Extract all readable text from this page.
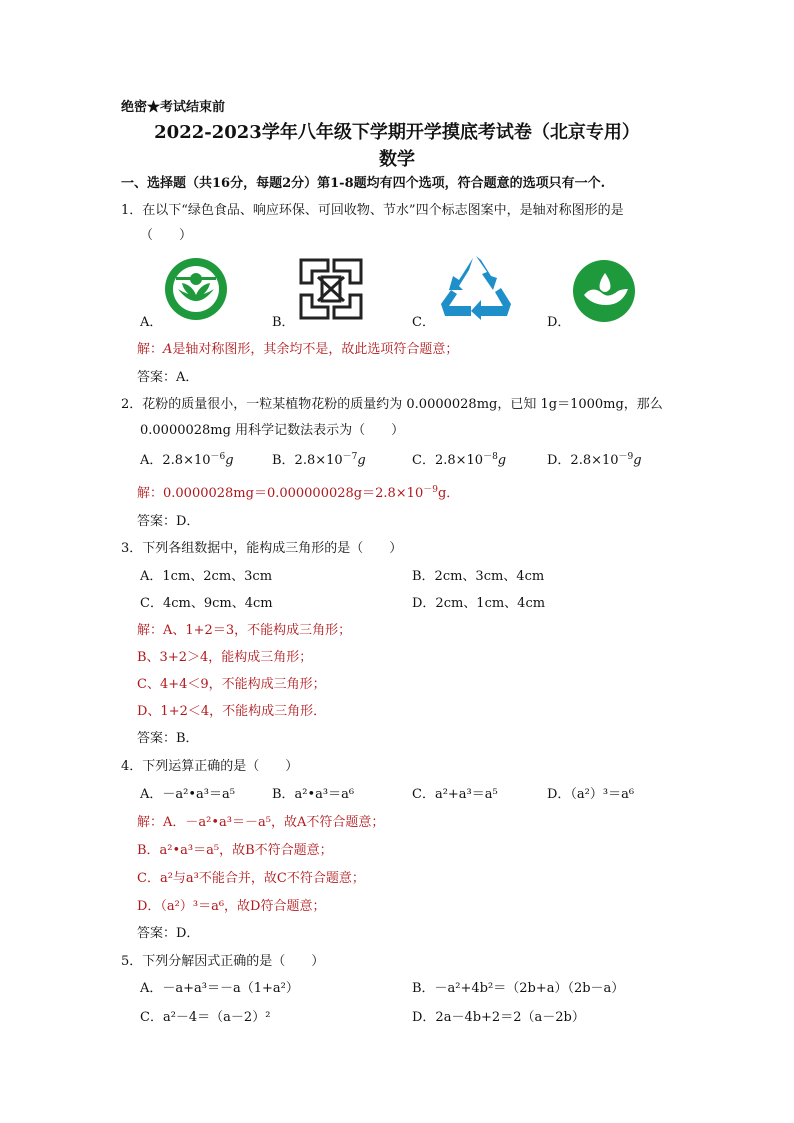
绝密★考试结束前
2022-2023学年八年级下学期开学摸底考试卷（北京专用）
数学
一、选择题（共16分，每题2分）第1-8题均有四个选项，符合题意的选项只有一个.
1．在以下“绿色食品、响应环保、可回收物、节水”四个标志图案中，是轴对称图形的是
（　　）
A．	B．	C．	D．
解：A是轴对称图形，其余均不是，故此选项符合题意；
答案：A．
2．花粉的质量很小，一粒某植物花粉的质量约为 0.0000028mg，已知 1g＝1000mg，那么
0.0000028mg 用科学记数法表示为（　　）
A．$2.8\times 10^{-6}g$	B．$2.8\times 10^{-7}g$	C．$2.8\times 10^{-8}g$	D．$2.8\times 10^{-9}g$
解：$0.0000028mg=0.000000028g=2.8\times 10^{-9}g$．
答案：D．
3．下列各组数据中，能构成三角形的是（　　）
A．1cm、2cm、3cm	B．2cm、3cm、4cm
C．4cm、9cm、4cm	D．2cm、1cm、4cm
解：A、1+2＝3，不能构成三角形；
B、3+2＞4，能构成三角形；
C、4+4＜9，不能构成三角形；
D、1+2＜4，不能构成三角形．
答案：B．
4．下列运算正确的是（　　）
A．－a²•a³＝a⁵	B．a²•a³＝a⁶	C．a²+a³＝a⁵	D．（a²）³＝a⁶
解：A．－a²•a³＝－a⁵，故A不符合题意；
B．a²•a³＝a⁵，故B不符合题意；
C．a²与a³不能合并，故C不符合题意；
D．（a²）³＝a⁶，故D符合题意；
答案：D．
5．下列分解因式正确的是（　　）
A．－a+a³＝－a（1+a²）	B．－a²+4b²＝（2b+a）（2b－a）
C．a²－4＝（a－2）²	D．2a－4b+2＝2（a－2b）
